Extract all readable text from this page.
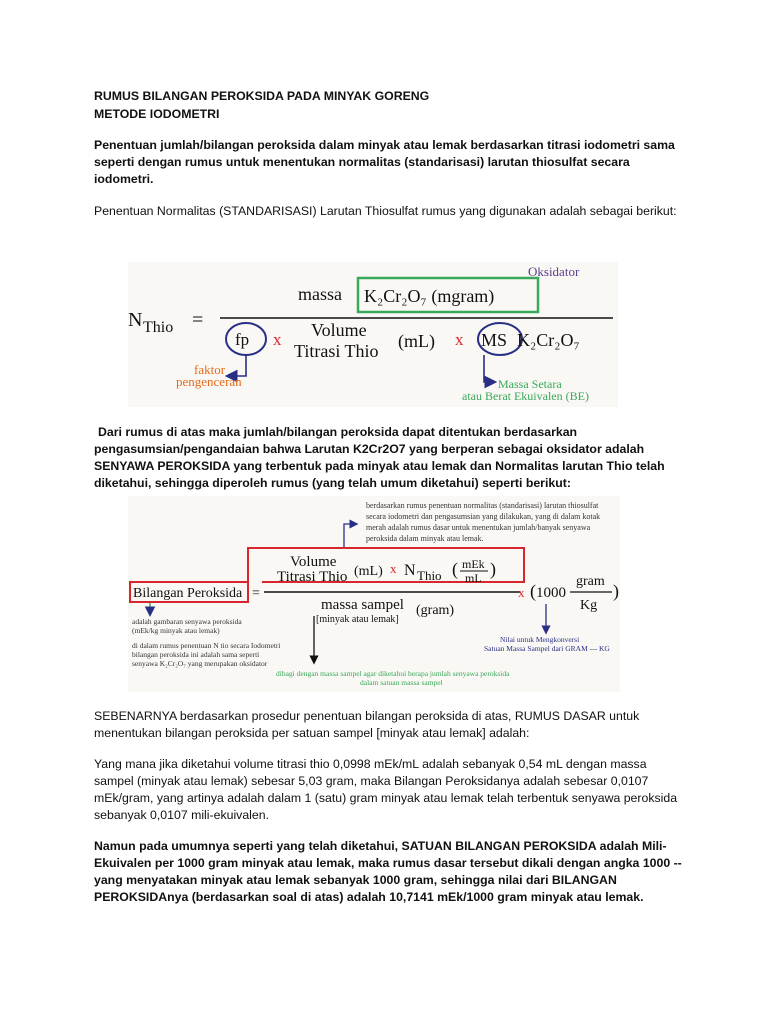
RUMUS BILANGAN PEROKSIDA PADA MINYAK GORENG
METODE IODOMETRI
Penentuan jumlah/bilangan peroksida dalam minyak atau lemak berdasarkan titrasi iodometri sama seperti dengan rumus untuk menentukan normalitas (standarisasi) larutan thiosulfat secara iodometri.
Penentuan Normalitas (STANDARISASI) Larutan Thiosulfat rumus yang digunakan adalah sebagai berikut:
Oksidator
N Thio =
massa K₂Cr₂O₇ (mgram)
fp x Volume
Titrasi Thio (mL) x MS K₂Cr₂O₇
faktor
pengenceran	Massa Setara
atau Berat Ekuivalen (BE)
Dari rumus di atas maka jumlah/bilangan peroksida dapat ditentukan berdasarkan pengasumsian/pengandaian bahwa Larutan K2Cr2O7 yang berperan sebagai oksidator adalah SENYAWA PEROKSIDA yang terbentuk pada minyak atau lemak dan Normalitas larutan Thio telah diketahui, sehingga diperoleh rumus (yang telah umum diketahui) seperti berikut:
berdasarkan rumus penentuan normalitas (standarisasi) larutan thiosulfat
secara iodometri dan pengasumsian yang dilakukan, yang di dalam kotak
merah adalah rumus dasar untuk menentukan jumlah/banyak senyawa
peroksida dalam minyak atau lemak.
Bilangan Peroksida =
Volume
Titrasi Thio (mL) x N Thio ( mEk
mL )
massa sampel
[minyak atau lemak]
(gram)
x ( 1000
gram
Kg
)
adalah gambaran senyawa peroksida
(mEk/kg minyak atau lemak)
di dalam rumus penentuan N tio secara Iodometri
bilangan peroksida ini adalah sama seperti
senyawa K₂Cr₂O₇ yang merupakan oksidator
Nilai untuk Mengkonversi
Satuan Massa Sampel dari GRAM --- KG
dibagi dengan massa sampel agar diketahui berapa jumlah senyawa peroksida
dalam satuan massa sampel
SEBENARNYA berdasarkan prosedur penentuan bilangan peroksida di atas, RUMUS DASAR untuk menentukan bilangan peroksida per satuan sampel [minyak atau lemak] adalah:
Yang mana jika diketahui volume titrasi thio 0,0998 mEk/mL adalah sebanyak 0,54 mL dengan massa sampel (minyak atau lemak) sebesar 5,03 gram, maka Bilangan Peroksidanya adalah sebesar 0,0107 mEk/gram, yang artinya adalah dalam 1 (satu) gram minyak atau lemak telah terbentuk senyawa peroksida sebanyak 0,0107 mili-ekuivalen.
Namun pada umumnya seperti yang telah diketahui, SATUAN BILANGAN PEROKSIDA adalah Mili-Ekuivalen per 1000 gram minyak atau lemak, maka rumus dasar tersebut dikali dengan angka 1000 --yang menyatakan minyak atau lemak sebanyak 1000 gram, sehingga nilai dari BILANGAN PEROKSIDAnya (berdasarkan soal di atas) adalah 10,7141 mEk/1000 gram minyak atau lemak.
